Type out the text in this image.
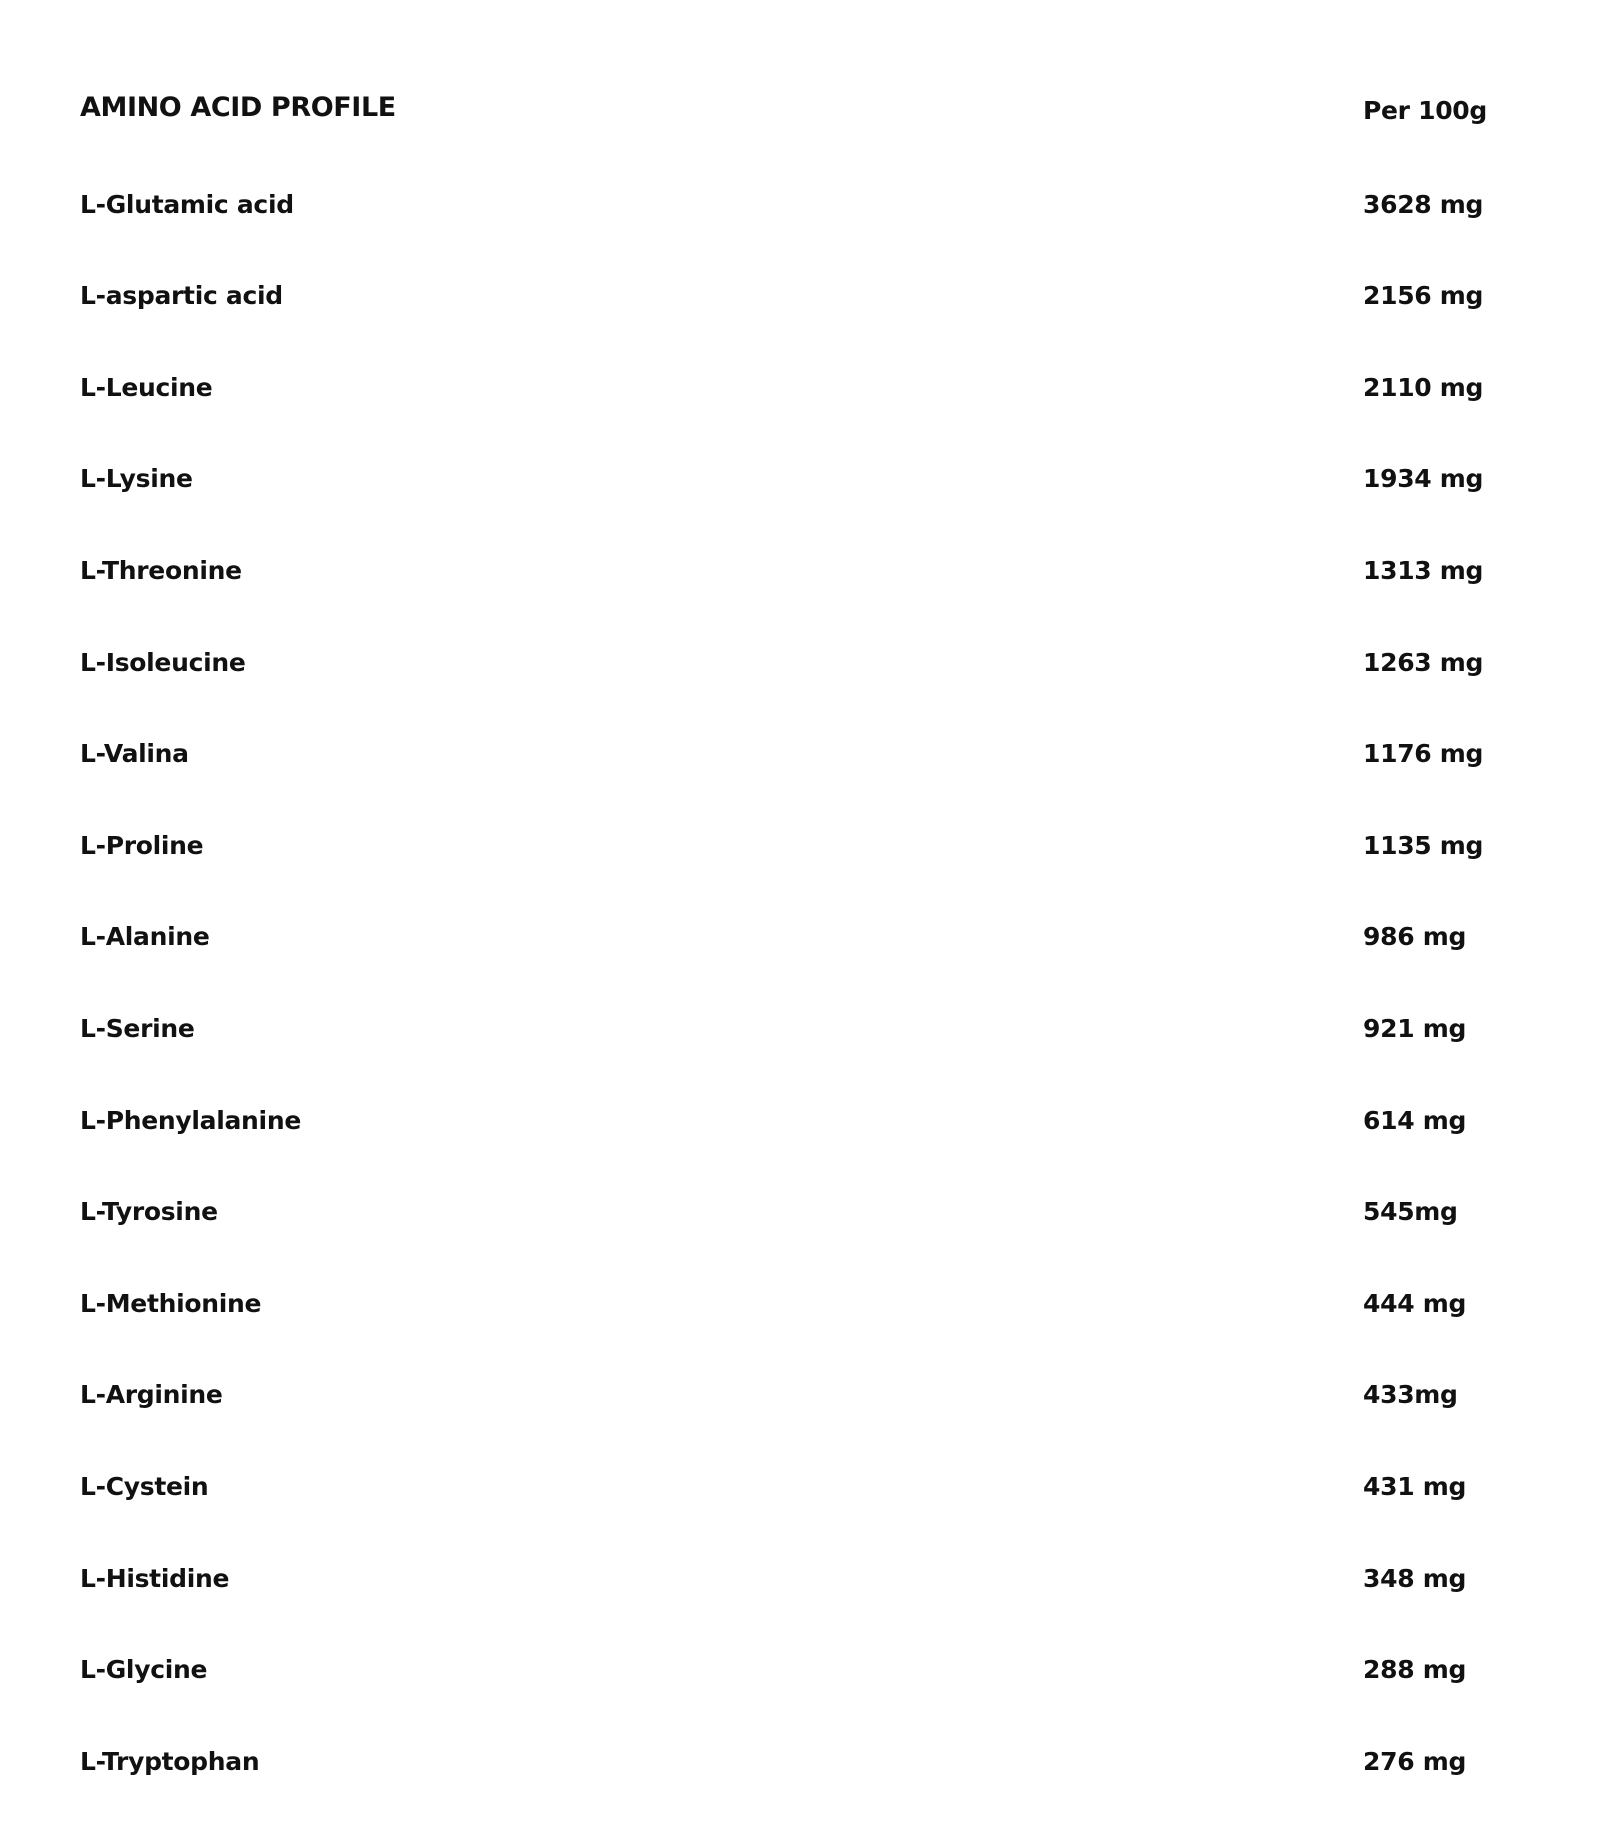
AMINO ACID PROFILE	Per 100g
L-Glutamic acid	3628 mg
L-aspartic acid	2156 mg
L-Leucine	2110 mg
L-Lysine	1934 mg
L-Threonine	1313 mg
L-Isoleucine	1263 mg
L-Valina	1176 mg
L-Proline	1135 mg
L-Alanine	986 mg
L-Serine	921 mg
L-Phenylalanine	614 mg
L-Tyrosine	545mg
L-Methionine	444 mg
L-Arginine	433mg
L-Cystein	431 mg
L-Histidine	348 mg
L-Glycine	288 mg
L-Tryptophan	276 mg
